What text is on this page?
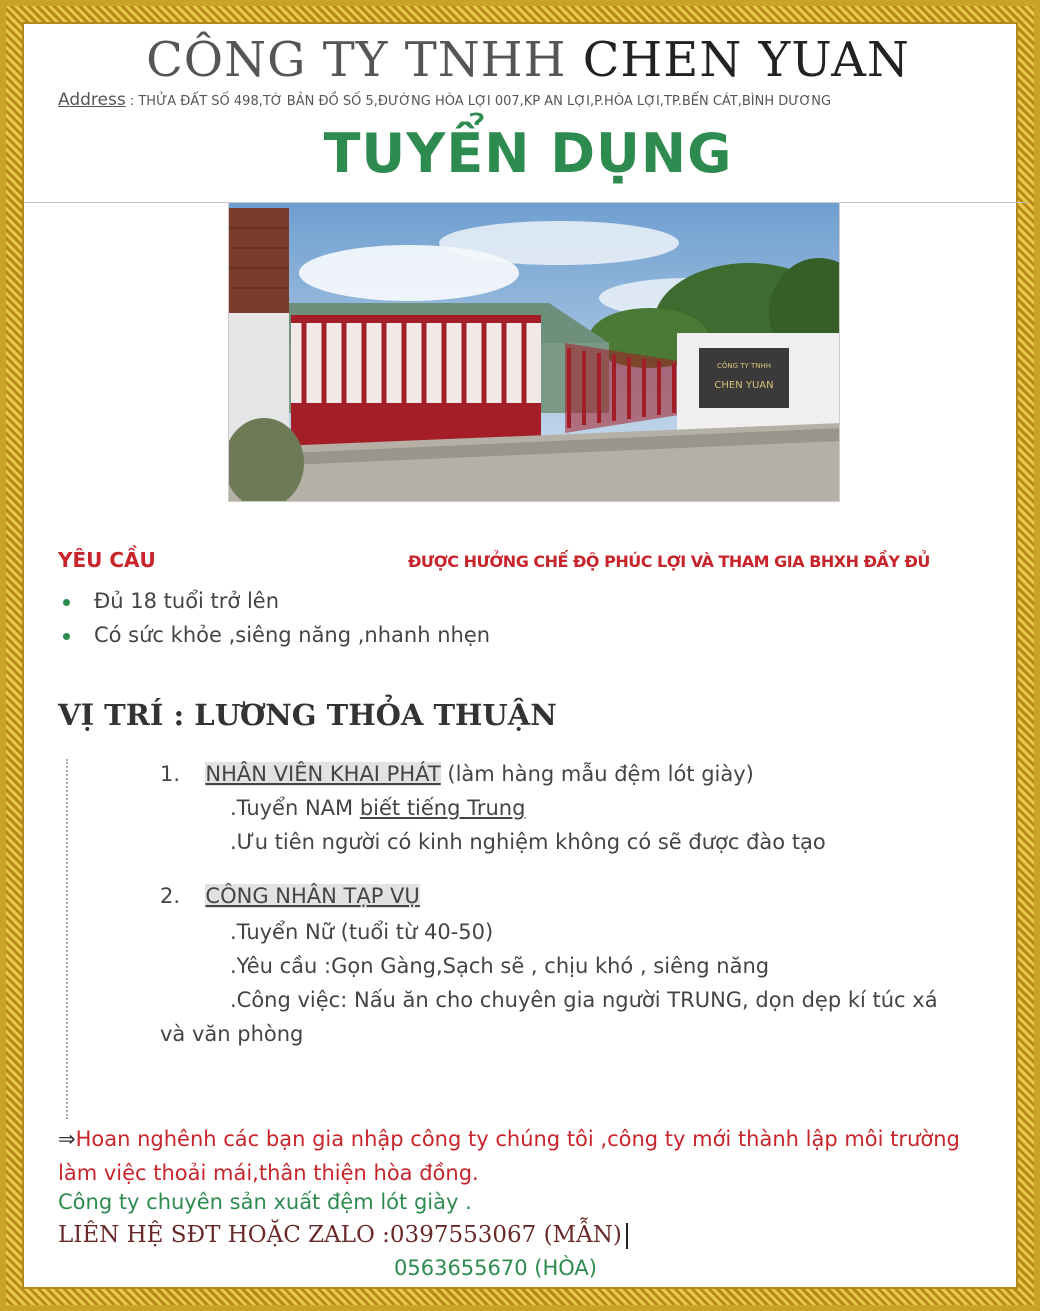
CÔNG TY TNHH CHEN YUAN
Address : THỬA ĐẤT SỐ 498,TỜ BẢN ĐỒ SỐ 5,ĐƯỜNG HÒA LỢI 007,KP AN LỢI,P.HÒA LỢI,TP.BẾN CÁT,BÌNH DƯƠNG
TUYỂN DỤNG
CÔNG TY TNHH
CHEN YUAN
YÊU CẦU	ĐƯỢC HƯỞNG CHẾ ĐỘ PHÚC LỢI VÀ THAM GIA BHXH ĐẦY ĐỦ
Đủ 18 tuổi trở lên
Có sức khỏe ,siêng năng ,nhanh nhẹn
VỊ TRÍ : LƯƠNG THỎA THUẬN
1. NHÂN VIÊN KHAI PHÁT (làm hàng mẫu đệm lót giày)
.Tuyển NAM biết tiếng Trung
.Ưu tiên người có kinh nghiệm không có sẽ được đào tạo
2. CÔNG NHÂN TẠP VỤ
.Tuyển Nữ (tuổi từ 40-50)
.Yêu cầu :Gọn Gàng,Sạch sẽ , chịu khó , siêng năng
.Công việc: Nấu ăn cho chuyên gia người TRUNG, dọn dẹp kí túc xá
và văn phòng
⇒Hoan nghênh các bạn gia nhập công ty chúng tôi ,công ty mới thành lập môi trường làm việc thoải mái,thân thiện hòa đồng.
Công ty chuyên sản xuất đệm lót giày .
LIÊN HỆ SĐT HOẶC ZALO :0397553067 (MẪN)
0563655670 (HÒA)
